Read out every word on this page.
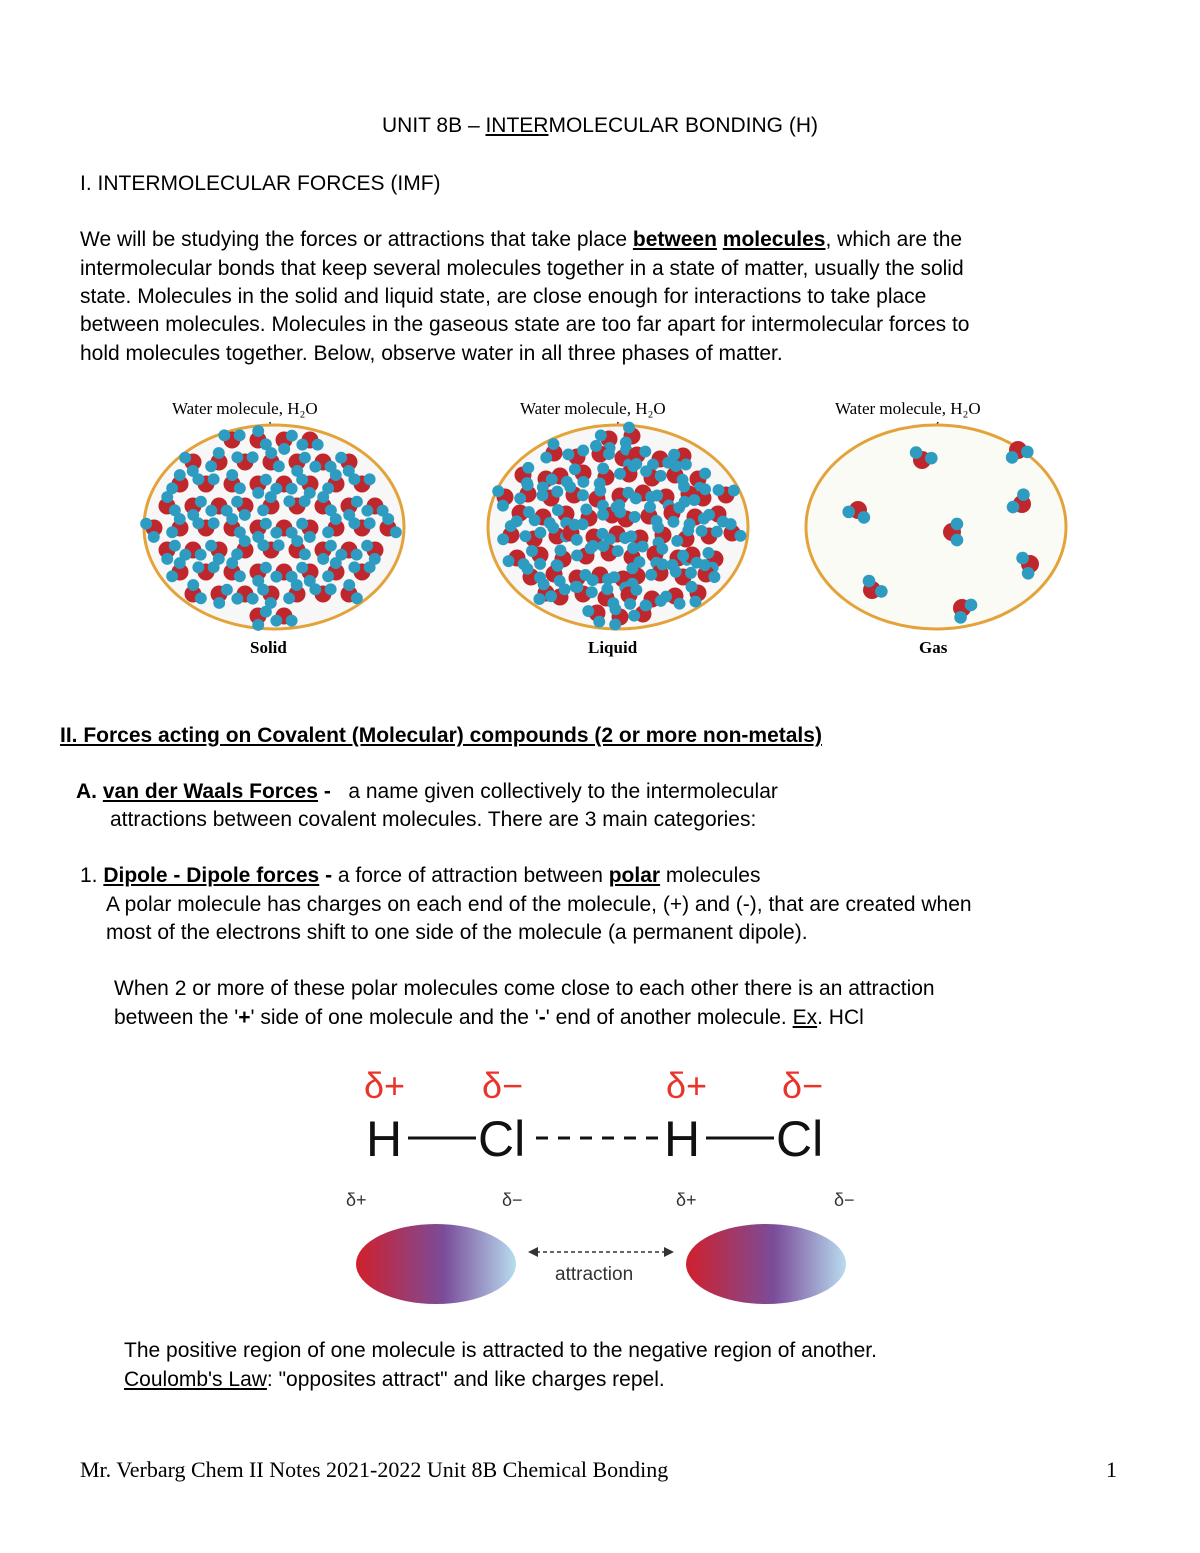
UNIT 8B – INTERMOLECULAR BONDING (H)
I. INTERMOLECULAR FORCES (IMF)
We will be studying the forces or attractions that take place between molecules, which are the
intermolecular bonds that keep several molecules together in a state of matter, usually the solid
state. Molecules in the solid and liquid state, are close enough for interactions to take place
between molecules. Molecules in the gaseous state are too far apart for intermolecular forces to
hold molecules together. Below, observe water in all three phases of matter.
Water molecule, H₂O	Water molecule, H₂O	Water molecule, H₂O
Solid	Liquid	Gas
II. Forces acting on Covalent (Molecular) compounds (2 or more non-metals)
A. van der Waals Forces - a name given collectively to the intermolecular
attractions between covalent molecules. There are 3 main categories:
1. Dipole - Dipole forces - a force of attraction between polar molecules
A polar molecule has charges on each end of the molecule, (+) and (-), that are created when
most of the electrons shift to one side of the molecule (a permanent dipole).
When 2 or more of these polar molecules come close to each other there is an attraction
between the '+' side of one molecule and the '-' end of another molecule. Ex. HCl
δ+ δ−	δ+ δ−
H Cl	H Cl
δ+	δ−	δ+	δ−
attraction
The positive region of one molecule is attracted to the negative region of another.
Coulomb's Law: "opposites attract" and like charges repel.
Mr. Verbarg Chem II Notes 2021-2022 Unit 8B Chemical Bonding	1
